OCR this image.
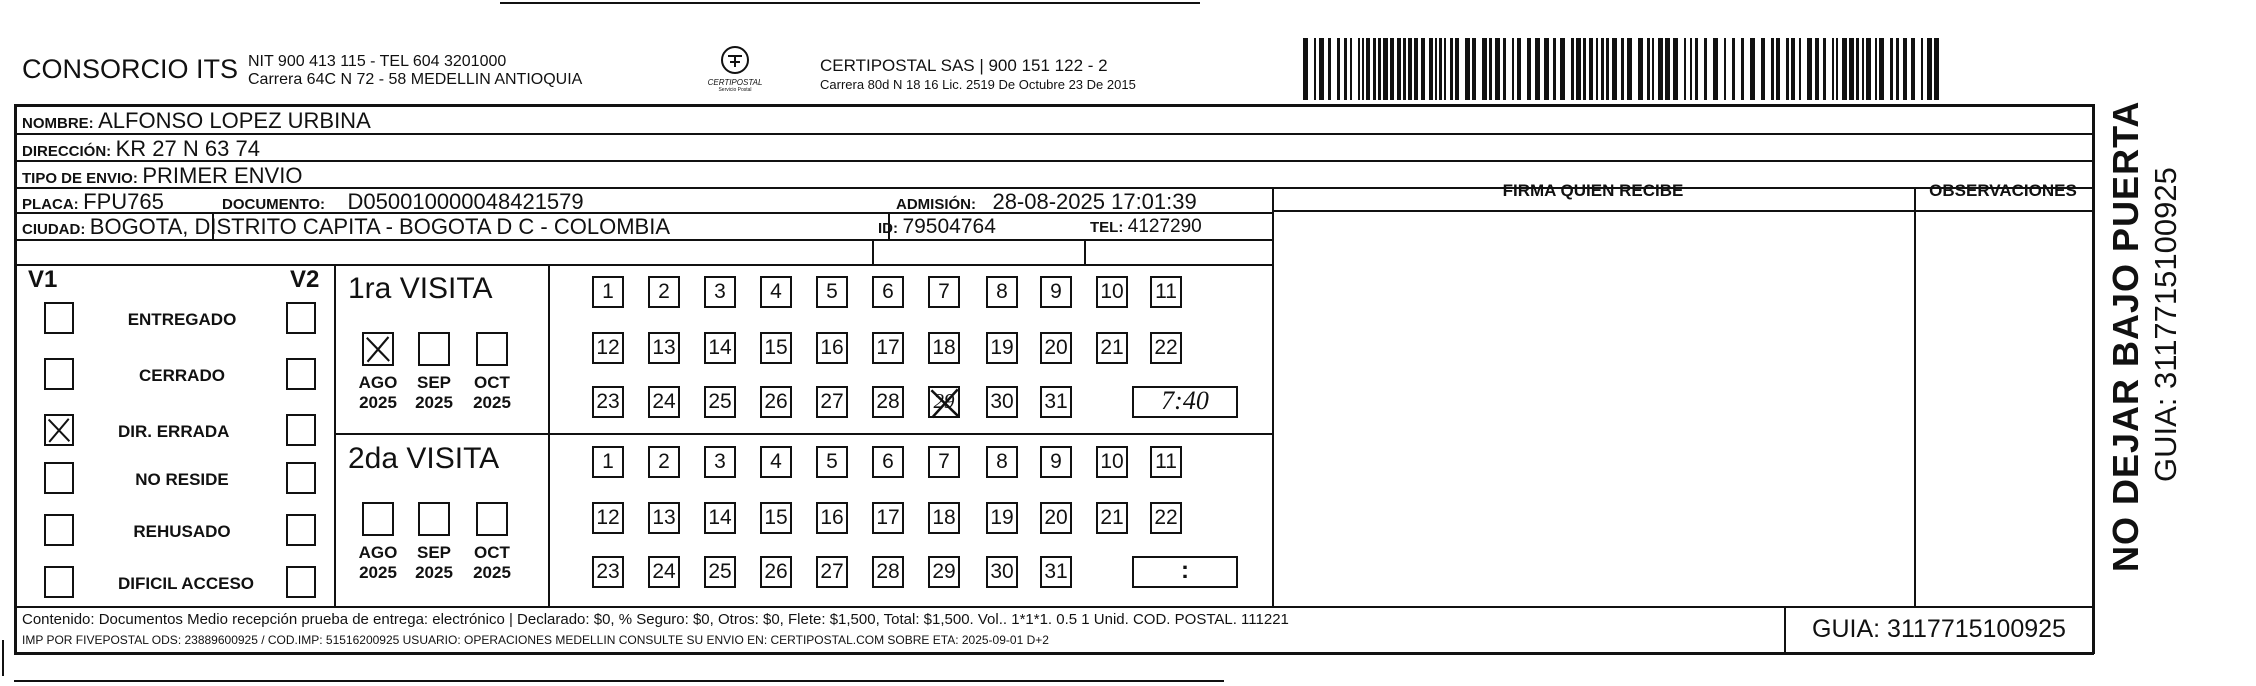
CONSORCIO ITS NIT 900 413 115 - TEL 604 3201000
Carrera 64C N 72 - 58 MEDELLIN ANTIOQUIA	CERTIPOSTAL
Servicio Postal
CERTIPOSTAL SAS | 900 151 122 - 2
Carrera 80d N 18 16 Lic. 2519 De Octubre 23 De 2015
NOMBRE: ALFONSO LOPEZ URBINA
DIRECCIÓN: KR 27 N 63 74
TIPO DE ENVIO: PRIMER ENVIO
PLACA: FPU765	DOCUMENTO: D050010000048421579	ADMISIÓN: 28-08-2025 17:01:39
CIUDAD: BOGOTA, DISTRITO CAPITA - BOGOTA D C - COLOMBIA	ID: 79504764	TEL: 4127290
FIRMA QUIEN RECIBE	OBSERVACIONES
V1	V2
ENTREGADO
CERRADO
DIR. ERRADA
NO RESIDE
REHUSADO
DIFICIL ACCESO
1ra VISITA
AGO
2025
SEP
2025
OCT
2025
1	2	3	4	5	6	7	8	9	10 11
12 13 14 15 16 17 18 19 20 21 22
23 24 25 26 27 28 29 30 31	7:40
2da VISITA
AGO
2025
SEP
2025
OCT
2025
1	2	3	4	5	6	7	8	9	10 11
12 13 14 15 16 17 18 19 20 21 22
23 24 25 26 27 28 29 30 31	:
Contenido: Documentos Medio recepción prueba de entrega: electrónico | Declarado: $0, % Seguro: $0, Otros: $0, Flete: $1,500, Total: $1,500. Vol.. 1*1*1. 0.5 1 Unid. COD. POSTAL. 111221
IMP POR FIVEPOSTAL ODS: 23889600925 / COD.IMP: 51516200925 USUARIO: OPERACIONES MEDELLIN CONSULTE SU ENVIO EN: CERTIPOSTAL.COM SOBRE ETA: 2025-09-01 D+2	GUIA: 3117715100925
NO DEJAR BAJO PUERTA GUIA: 3117715100925
